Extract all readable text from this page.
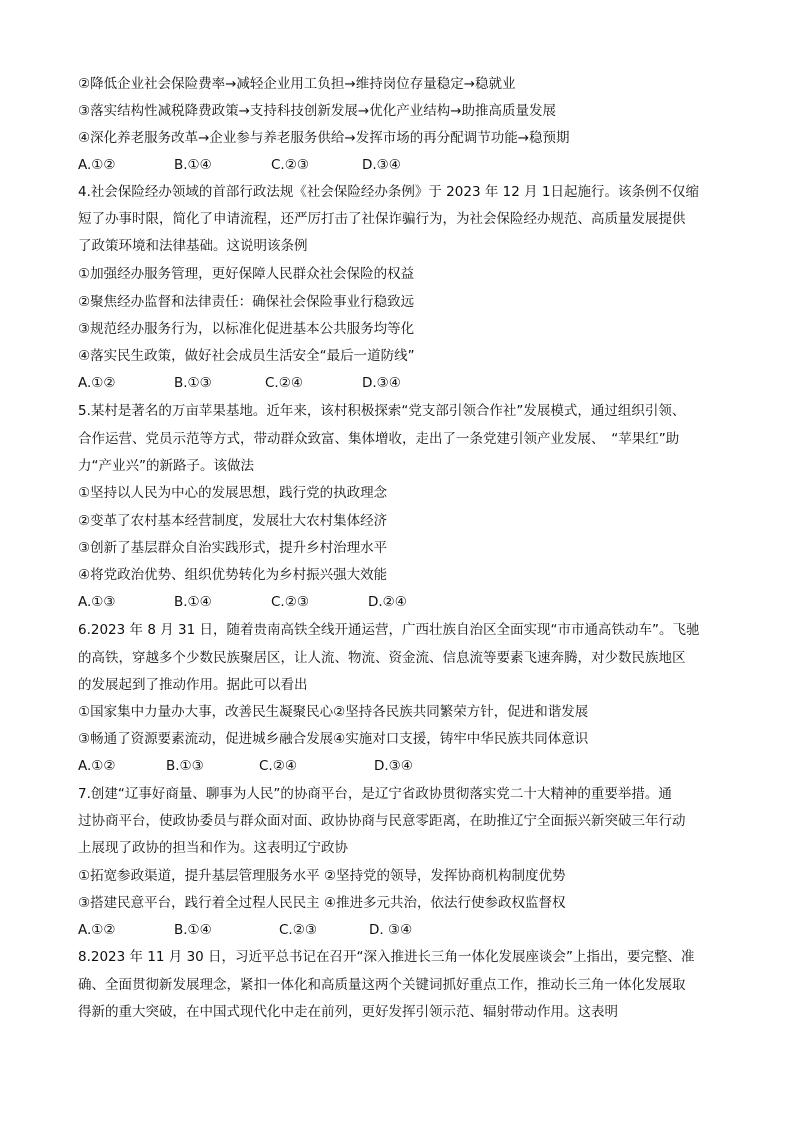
②降低企业社会保险费率→减轻企业用工负担→维持岗位存量稳定→稳就业
③落实结构性减税降费政策→支持科技创新发展→优化产业结构→助推高质量发展
④深化养老服务改革→企业参与养老服务供给→发挥市场的再分配调节功能→稳预期
A.①②	B.①④	C.②③	D.③④
4.社会保险经办领域的首部行政法规《社会保险经办条例》于 2023 年 12 月 1日起施行。该条例不仅缩
短了办事时限，简化了申请流程，还严厉打击了社保诈骗行为，为社会保险经办规范、高质量发展提供
了政策环境和法律基础。这说明该条例
①加强经办服务管理，更好保障人民群众社会保险的权益
②聚焦经办监督和法律责任：确保社会保险事业行稳致远
③规范经办服务行为，以标准化促进基本公共服务均等化
④落实民生政策，做好社会成员生活安全“最后一道防线”
A.①②	B.①③	C.②④	D.③④
5.某村是著名的万亩苹果基地。近年来，该村积极探索“党支部引领合作社”发展模式，通过组织引领、
合作运营、党员示范等方式，带动群众致富、集体增收，走出了一条党建引领产业发展、　“苹果红”助
力“产业兴”的新路子。该做法
①坚持以人民为中心的发展思想，践行党的执政理念
②变革了农村基本经营制度，发展壮大农村集体经济
③创新了基层群众自治实践形式，提升乡村治理水平
④将党政治优势、组织优势转化为乡村振兴强大效能
A.①③	B.①④	C.②③	D.②④
6.2023 年 8 月 31 日，随着贵南高铁全线开通运营，广西壮族自治区全面实现“市市通高铁动车”。飞驰
的高铁，穿越多个少数民族聚居区，让人流、物流、资金流、信息流等要素飞速奔腾，对少数民族地区
的发展起到了推动作用。据此可以看出
①国家集中力量办大事，改善民生凝聚民心②坚持各民族共同繁荣方针，促进和谐发展
③畅通了资源要素流动，促进城乡融合发展④实施对口支援，铸牢中华民族共同体意识
A.①②	B.①③	C.②④	D.③④
7.创建“辽事好商量、聊事为人民”的协商平台，是辽宁省政协贯彻落实党二十大精神的重要举措。通
过协商平台，使政协委员与群众面对面、政协协商与民意零距离，在助推辽宁全面振兴新突破三年行动
上展现了政协的担当和作为。这表明辽宁政协
①拓宽参政渠道，提升基层管理服务水平 ②坚持党的领导，发挥协商机构制度优势
③搭建民意平台，践行着全过程人民民主 ④推进多元共治，依法行使参政权监督权
A.①②	B.①④	C.②③	D. ③④
8.2023 年 11 月 30 日，习近平总书记在召开“深入推进长三角一体化发展座谈会”上指出，要完整、准
确、全面贯彻新发展理念，紧扣一体化和高质量这两个关键词抓好重点工作，推动长三角一体化发展取
得新的重大突破，在中国式现代化中走在前列，更好发挥引领示范、辐射带动作用。这表明
